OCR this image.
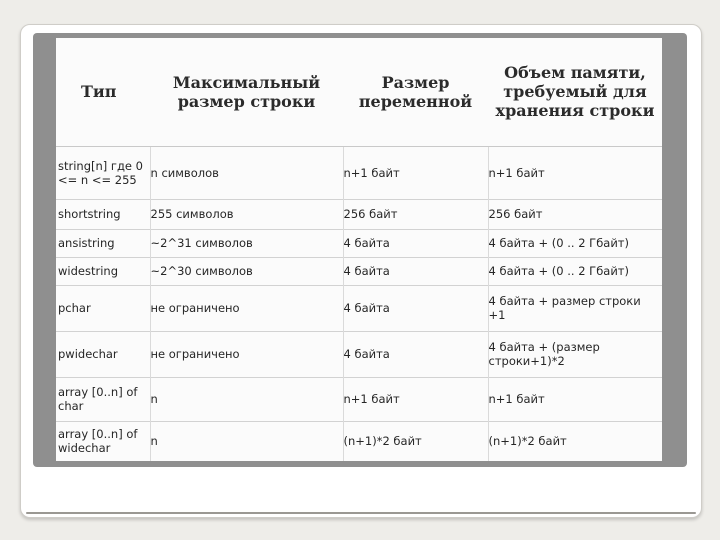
Тип	Максимальный размер строки	Размер переменной	Объем памяти, требуемый для хранения строки
string[n] где 0 <= n <= 255	n символов	n+1 байт	n+1 байт
shortstring	255 символов	256 байт	256 байт
ansistring	~2^31 символов	4 байта	4 байта + (0 .. 2 Гбайт)
widestring	~2^30 символов	4 байта	4 байта + (0 .. 2 Гбайт)
pchar	не ограничено	4 байта	4 байта + размер строки +1
pwidechar	не ограничено	4 байта	4 байта + (размер строки+1)*2
array [0..n] of char	n	n+1 байт	n+1 байт
array [0..n] of widechar	n	(n+1)*2 байт	(n+1)*2 байт
